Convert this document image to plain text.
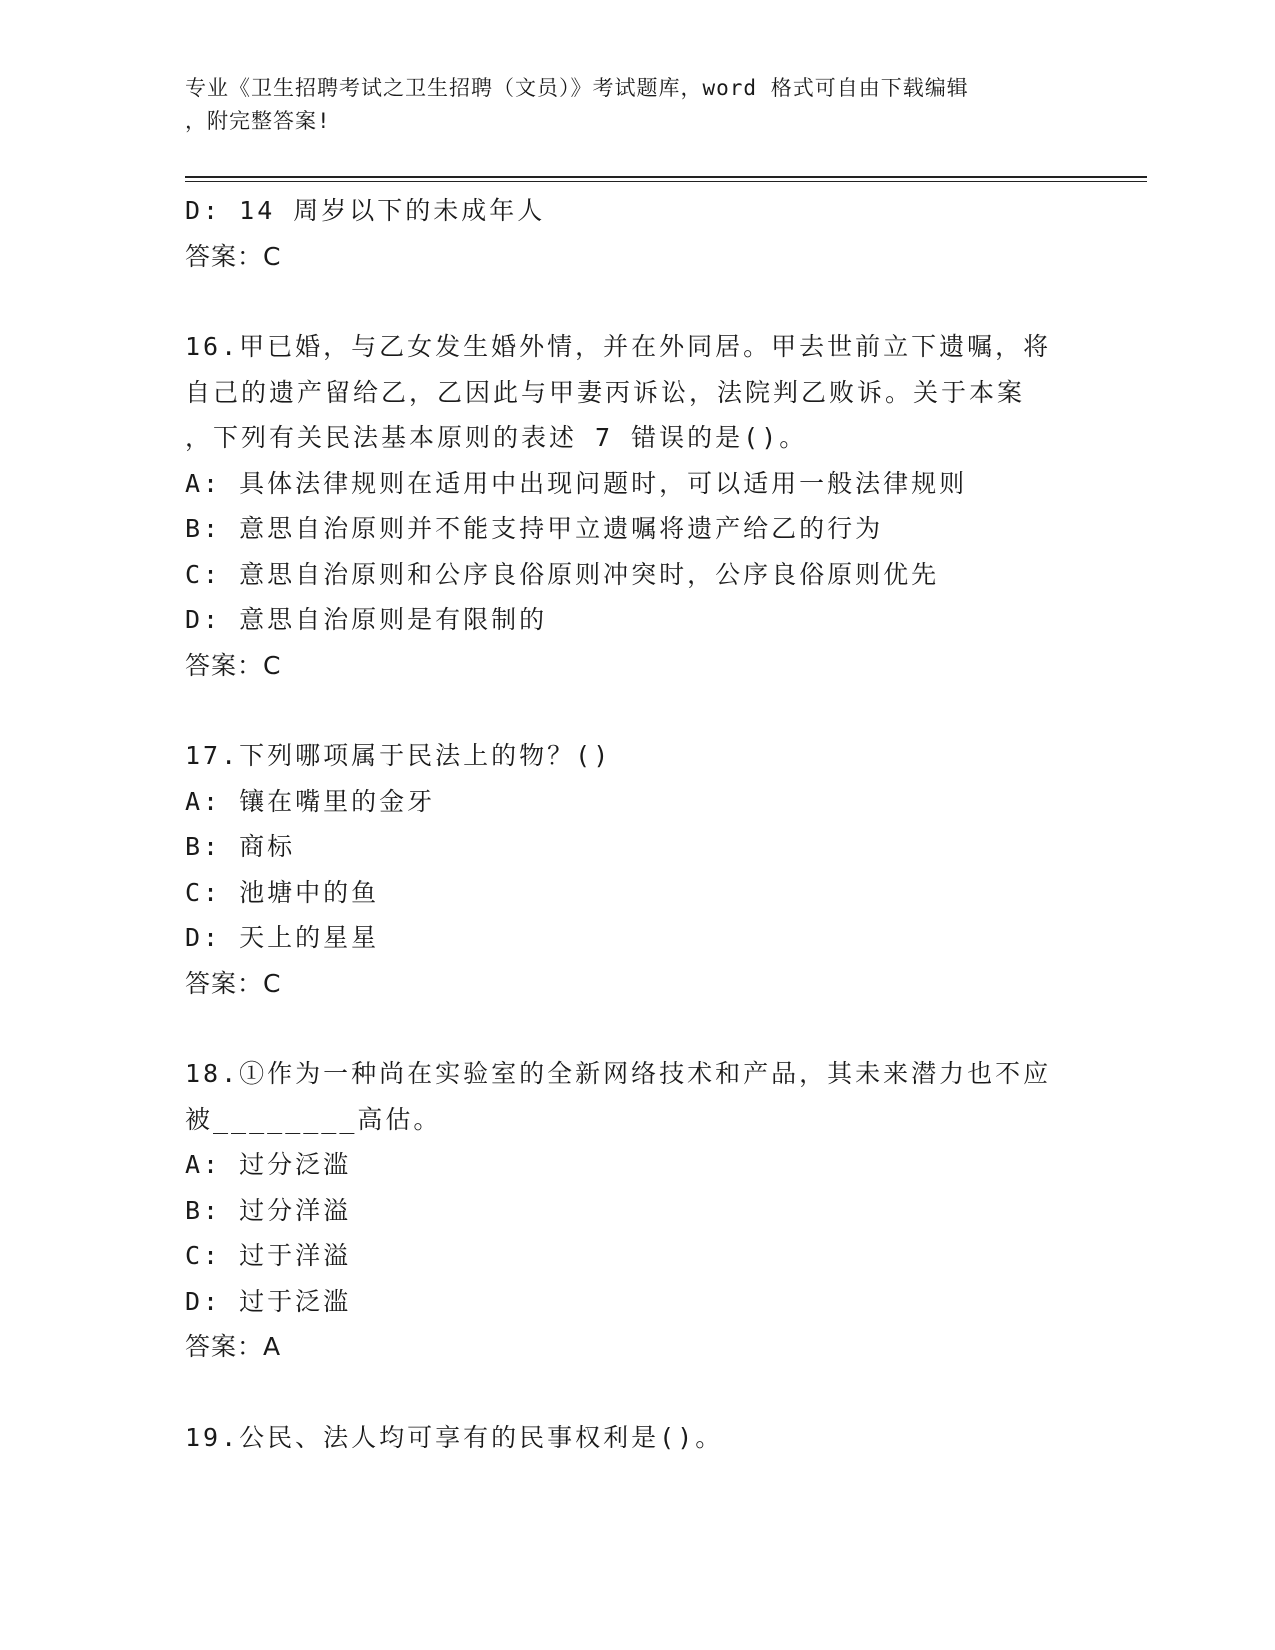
专业《卫生招聘考试之卫生招聘（文员）》考试题库，word 格式可自由下载编辑
，附完整答案!
D: 14 周岁以下的未成年人
答案：C
16.甲已婚，与乙女发生婚外情，并在外同居。甲去世前立下遗嘱，将
自己的遗产留给乙，乙因此与甲妻丙诉讼，法院判乙败诉。关于本案
，下列有关民法基本原则的表述 7 错误的是()。
A: 具体法律规则在适用中出现问题时，可以适用一般法律规则
B: 意思自治原则并不能支持甲立遗嘱将遗产给乙的行为
C: 意思自治原则和公序良俗原则冲突时，公序良俗原则优先
D: 意思自治原则是有限制的
答案：C
17.下列哪项属于民法上的物？()
A: 镶在嘴里的金牙
B: 商标
C: 池塘中的鱼
D: 天上的星星
答案：C
18.①作为一种尚在实验室的全新网络技术和产品，其未来潜力也不应
被________高估。
A: 过分泛滥
B: 过分洋溢
C: 过于洋溢
D: 过于泛滥
答案：A
19.公民、法人均可享有的民事权利是()。
